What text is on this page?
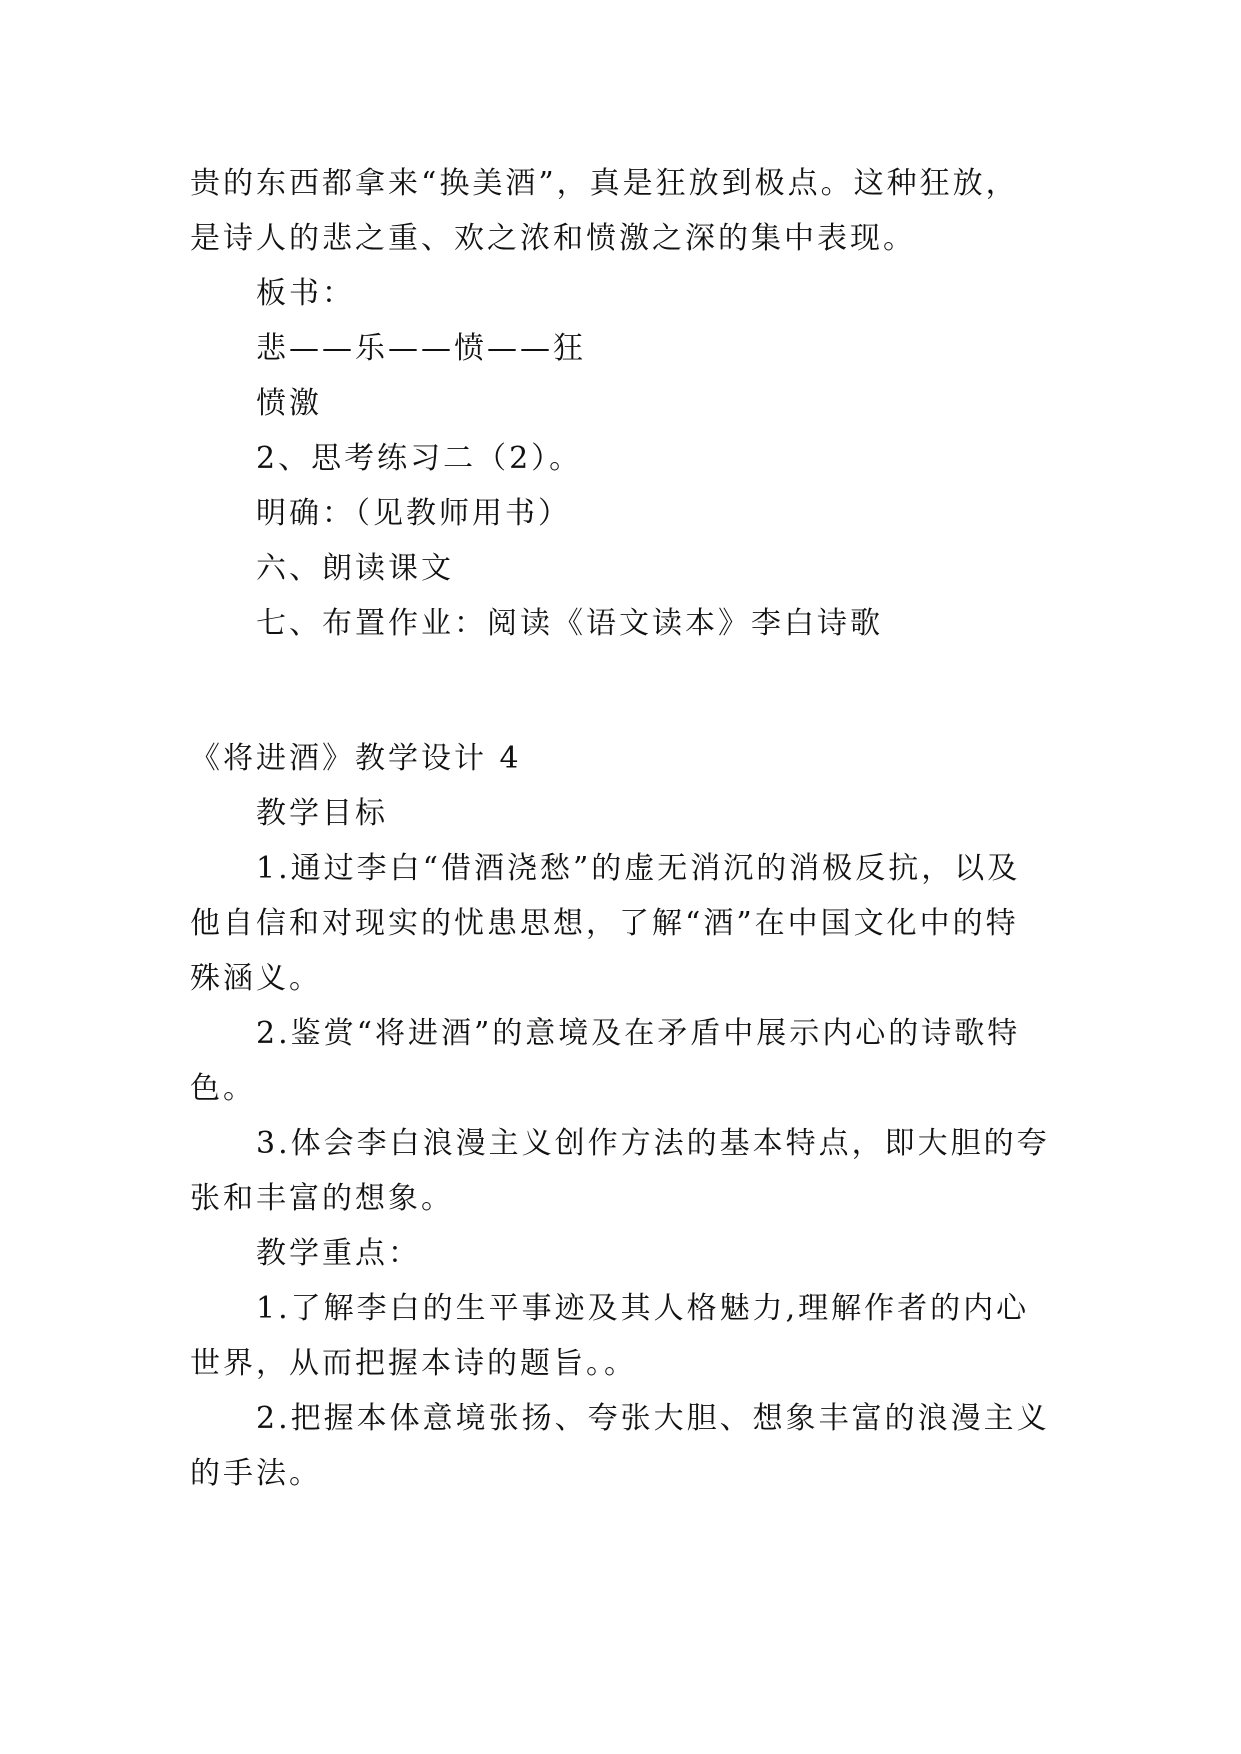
贵的东西都拿来“换美酒”，真是狂放到极点。这种狂放，
是诗人的悲之重、欢之浓和愤激之深的集中表现。
板书：
悲——乐——愤——狂
愤激
2、思考练习二（2）。
明确：（见教师用书）
六、朗读课文
七、布置作业：阅读《语文读本》李白诗歌
《将进酒》教学设计 4
教学目标
1.通过李白“借酒浇愁”的虚无消沉的消极反抗，以及
他自信和对现实的忧患思想，了解“酒”在中国文化中的特
殊涵义。
2.鉴赏“将进酒”的意境及在矛盾中展示内心的诗歌特
色。
3.体会李白浪漫主义创作方法的基本特点，即大胆的夸
张和丰富的想象。
教学重点：
1.了解李白的生平事迹及其人格魅力,理解作者的内心
世界，从而把握本诗的题旨。。
2.把握本体意境张扬、夸张大胆、想象丰富的浪漫主义
的手法。
